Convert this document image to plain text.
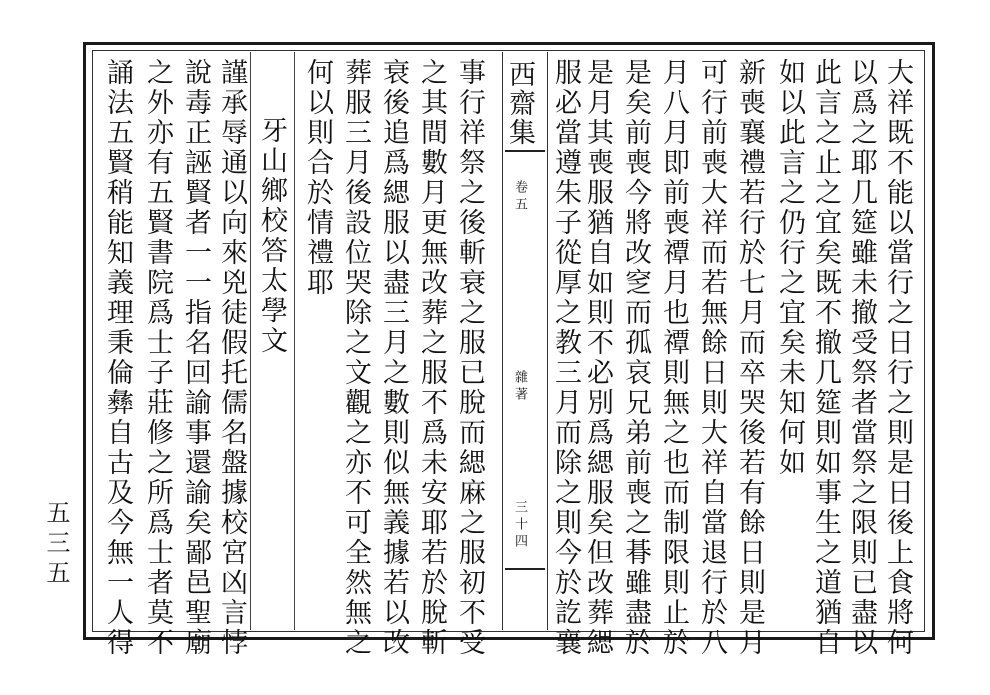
大祥既不能以當行之日行之則是日後上食將何
以爲之耶几筵雖未撤受祭者當祭之限則已盡以
此言之止之宜矣既不撤几筵則如事生之道猶自
如以此言之仍行之宜矣未知何如
新喪襄禮若行於七月而卒哭後若有餘日則是月
可行前喪大祥而若無餘日則大祥自當退行於八
月八月即前喪禫月也禫則無之也而制限則止於
是矣前喪今將改窆而孤哀兄弟前喪之朞雖盡於
是月其喪服猶自如則不必別爲緦服矣但改葬緦
服必當遵朱子從厚之教三月而除之則今於訖襄
西齋集
卷五
雜著
三十四
事行祥祭之後斬衰之服已脫而緦麻之服初不受
之其間數月更無改葬之服不爲未安耶若於脫斬
衰後追爲緦服以盡三月之數則似無義據若以改
葬服三月後設位哭除之文觀之亦不可全然無之
何以則合於情禮耶
牙山鄉校答太學文
謹承辱通以向來兇徒假托儒名盤據校宮凶言悖
說毒正誣賢者一一指名回諭事還諭矣鄙邑聖廟
之外亦有五賢書院爲士子莊修之所爲士者莫不
誦法五賢稍能知義理秉倫彝自古及今無一人得
五三五
